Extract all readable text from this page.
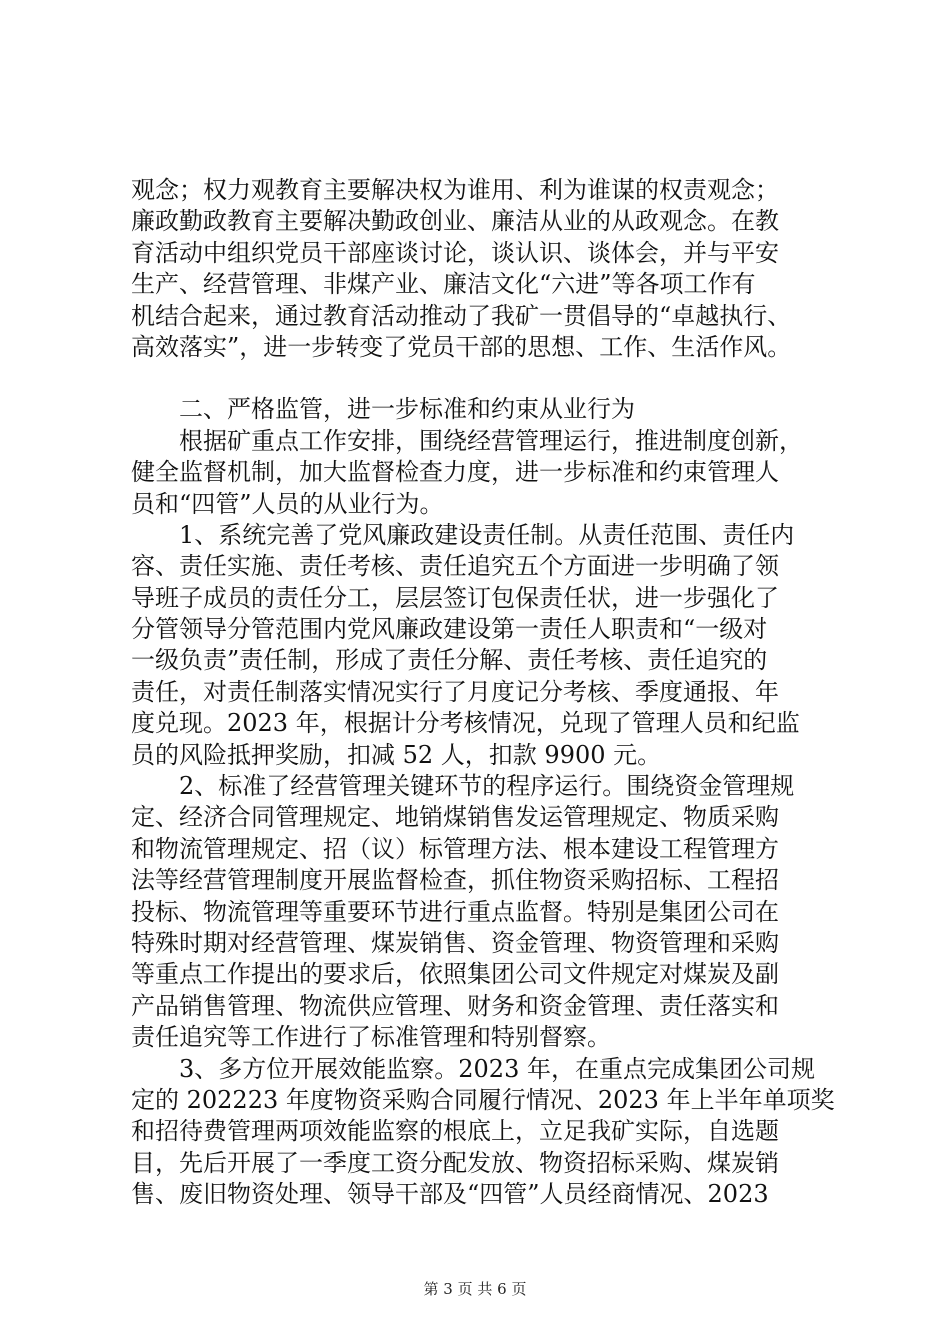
观念；权力观教育主要解决权为谁用、利为谁谋的权责观念；
廉政勤政教育主要解决勤政创业、廉洁从业的从政观念。在教
育活动中组织党员干部座谈讨论，谈认识、谈体会，并与平安
生产、经营管理、非煤产业、廉洁文化“六进”等各项工作有
机结合起来，通过教育活动推动了我矿一贯倡导的“卓越执行、
高效落实”，进一步转变了党员干部的思想、工作、生活作风。

二、严格监管，进一步标准和约束从业行为

根据矿重点工作安排，围绕经营管理运行，推进制度创新，
健全监督机制，加大监督检查力度，进一步标准和约束管理人
员和“四管”人员的从业行为。

1、系统完善了党风廉政建设责任制。从责任范围、责任内
容、责任实施、责任考核、责任追究五个方面进一步明确了领
导班子成员的责任分工，层层签订包保责任状，进一步强化了
分管领导分管范围内党风廉政建设第一责任人职责和“一级对
一级负责”责任制，形成了责任分解、责任考核、责任追究的
责任，对责任制落实情况实行了月度记分考核、季度通报、年
度兑现。2023 年，根据计分考核情况，兑现了管理人员和纪监
员的风险抵押奖励，扣减 52 人，扣款 9900 元。

2、标准了经营管理关键环节的程序运行。围绕资金管理规
定、经济合同管理规定、地销煤销售发运管理规定、物质采购
和物流管理规定、招（议）标管理方法、根本建设工程管理方
法等经营管理制度开展监督检查，抓住物资采购招标、工程招
投标、物流管理等重要环节进行重点监督。特别是集团公司在
特殊时期对经营管理、煤炭销售、资金管理、物资管理和采购
等重点工作提出的要求后，依照集团公司文件规定对煤炭及副
产品销售管理、物流供应管理、财务和资金管理、责任落实和
责任追究等工作进行了标准管理和特别督察。

3、多方位开展效能监察。2023 年，在重点完成集团公司规
定的 202223 年度物资采购合同履行情况、2023 年上半年单项奖
和招待费管理两项效能监察的根底上，立足我矿实际，自选题
目，先后开展了一季度工资分配发放、物资招标采购、煤炭销
售、废旧物资处理、领导干部及“四管”人员经商情况、2023

第 3 页 共 6 页
